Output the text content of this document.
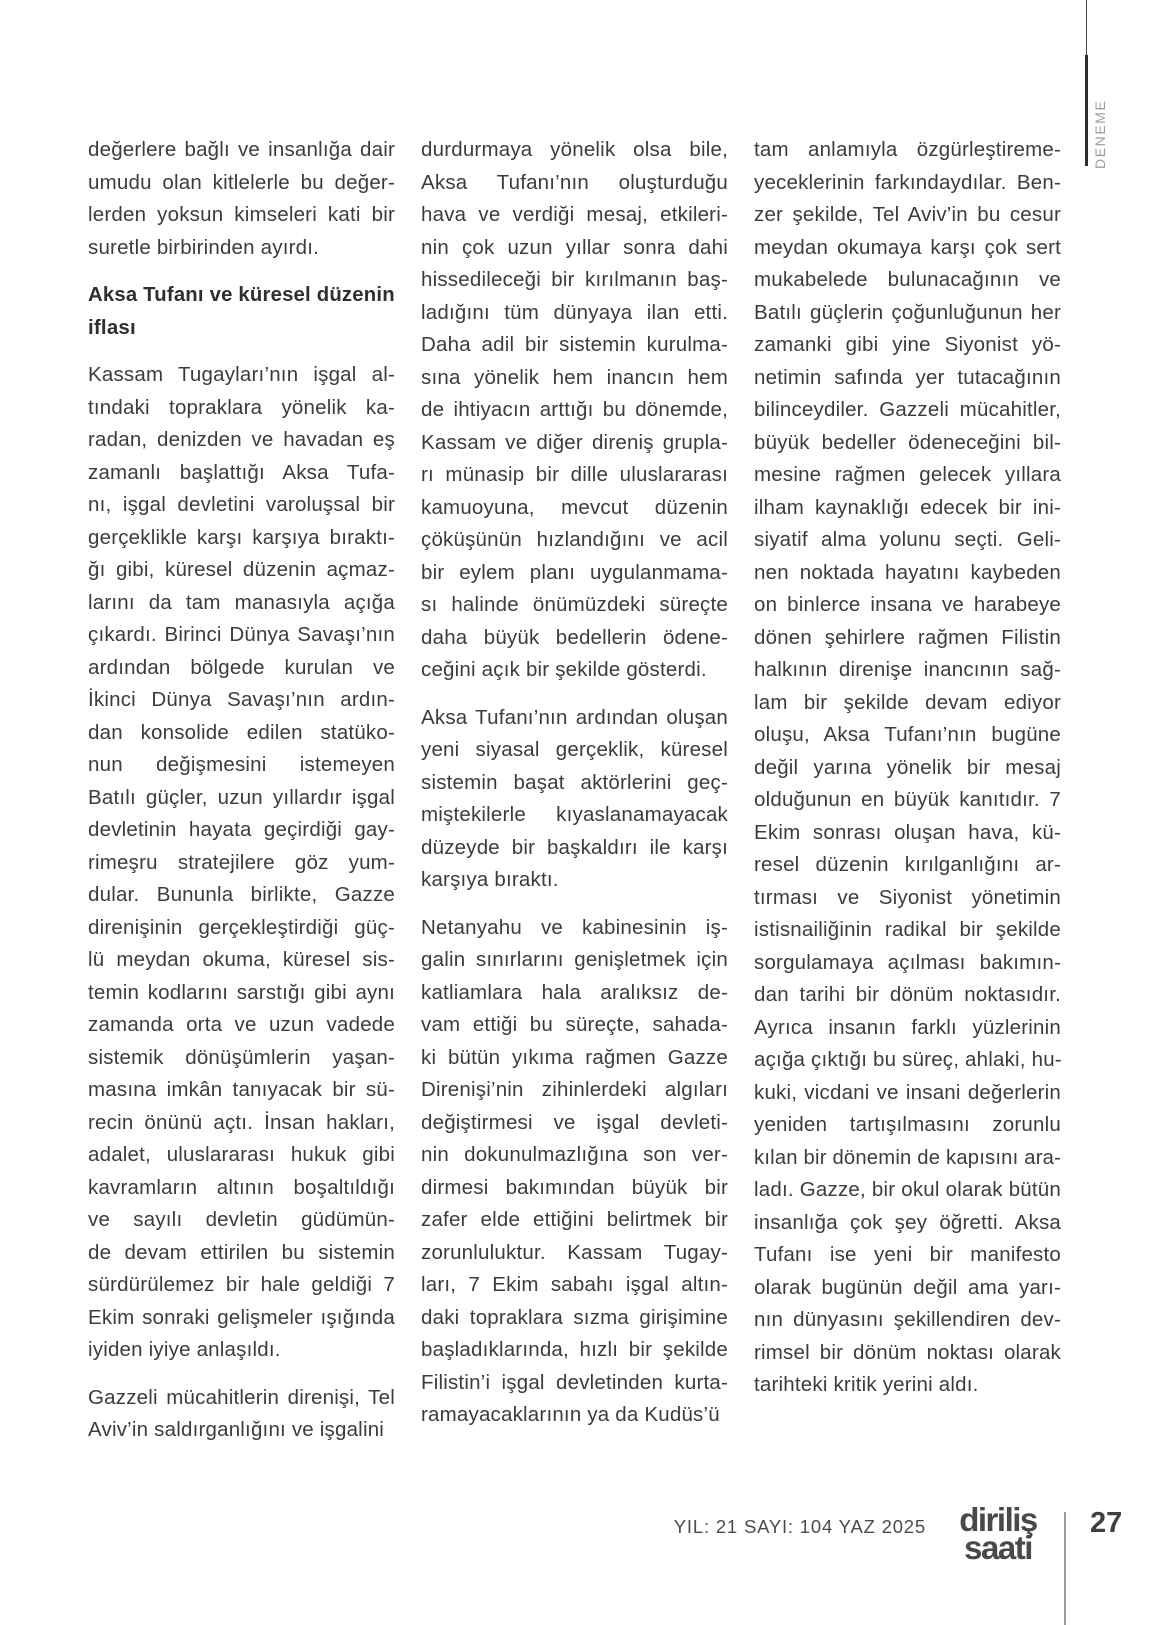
DENEME
değerlere bağlı ve insanlığa dair
umudu olan kitlelerle bu değer-
lerden yoksun kimseleri kati bir
suretle birbirinden ayırdı.
Aksa Tufanı ve küresel düzenin
iflası
Kassam Tugayları’nın işgal al-
tındaki topraklara yönelik ka-
radan, denizden ve havadan eş
zamanlı başlattığı Aksa Tufa-
nı, işgal devletini varoluşsal bir
gerçeklikle karşı karşıya bıraktı-
ğı gibi, küresel düzenin açmaz-
larını da tam manasıyla açığa
çıkardı. Birinci Dünya Savaşı’nın
ardından bölgede kurulan ve
İkinci Dünya Savaşı’nın ardın-
dan konsolide edilen statüko-
nun değişmesini istemeyen
Batılı güçler, uzun yıllardır işgal
devletinin hayata geçirdiği gay-
rimeşru stratejilere göz yum-
dular. Bununla birlikte, Gazze
direnişinin gerçekleştirdiği güç-
lü meydan okuma, küresel sis-
temin kodlarını sarstığı gibi aynı
zamanda orta ve uzun vadede
sistemik dönüşümlerin yaşan-
masına imkân tanıyacak bir sü-
recin önünü açtı. İnsan hakları,
adalet, uluslararası hukuk gibi
kavramların altının boşaltıldığı
ve sayılı devletin güdümün-
de devam ettirilen bu sistemin
sürdürülemez bir hale geldiği 7
Ekim sonraki gelişmeler ışığında
iyiden iyiye anlaşıldı.
Gazzeli mücahitlerin direnişi, Tel
Aviv’in saldırganlığını ve işgalini
durdurmaya yönelik olsa bile,
Aksa Tufanı’nın oluşturduğu
hava ve verdiği mesaj, etkileri-
nin çok uzun yıllar sonra dahi
hissedileceği bir kırılmanın baş-
ladığını tüm dünyaya ilan etti.
Daha adil bir sistemin kurulma-
sına yönelik hem inancın hem
de ihtiyacın arttığı bu dönemde,
Kassam ve diğer direniş grupla-
rı münasip bir dille uluslararası
kamuoyuna, mevcut düzenin
çöküşünün hızlandığını ve acil
bir eylem planı uygulanmama-
sı halinde önümüzdeki süreçte
daha büyük bedellerin ödene-
ceğini açık bir şekilde gösterdi.
Aksa Tufanı’nın ardından oluşan
yeni siyasal gerçeklik, küresel
sistemin başat aktörlerini geç-
miştekilerle kıyaslanamayacak
düzeyde bir başkaldırı ile karşı
karşıya bıraktı.
Netanyahu ve kabinesinin iş-
galin sınırlarını genişletmek için
katliamlara hala aralıksız de-
vam ettiği bu süreçte, sahada-
ki bütün yıkıma rağmen Gazze
Direnişi’nin zihinlerdeki algıları
değiştirmesi ve işgal devleti-
nin dokunulmazlığına son ver-
dirmesi bakımından büyük bir
zafer elde ettiğini belirtmek bir
zorunluluktur. Kassam Tugay-
ları, 7 Ekim sabahı işgal altın-
daki topraklara sızma girişimine
başladıklarında, hızlı bir şekilde
Filistin’i işgal devletinden kurta-
ramayacaklarının ya da Kudüs’ü
tam anlamıyla özgürleştireme-
yeceklerinin farkındaydılar. Ben-
zer şekilde, Tel Aviv’in bu cesur
meydan okumaya karşı çok sert
mukabelede bulunacağının ve
Batılı güçlerin çoğunluğunun her
zamanki gibi yine Siyonist yö-
netimin safında yer tutacağının
bilinceydiler. Gazzeli mücahitler,
büyük bedeller ödeneceğini bil-
mesine rağmen gelecek yıllara
ilham kaynaklığı edecek bir ini-
siyatif alma yolunu seçti. Geli-
nen noktada hayatını kaybeden
on binlerce insana ve harabeye
dönen şehirlere rağmen Filistin
halkının direnişe inancının sağ-
lam bir şekilde devam ediyor
oluşu, Aksa Tufanı’nın bugüne
değil yarına yönelik bir mesaj
olduğunun en büyük kanıtıdır. 7
Ekim sonrası oluşan hava, kü-
resel düzenin kırılganlığını ar-
tırması ve Siyonist yönetimin
istisnailiğinin radikal bir şekilde
sorgulamaya açılması bakımın-
dan tarihi bir dönüm noktasıdır.
Ayrıca insanın farklı yüzlerinin
açığa çıktığı bu süreç, ahlaki, hu-
kuki, vicdani ve insani değerlerin
yeniden tartışılmasını zorunlu
kılan bir dönemin de kapısını ara-
ladı. Gazze, bir okul olarak bütün
insanlığa çok şey öğretti. Aksa
Tufanı ise yeni bir manifesto
olarak bugünün değil ama yarı-
nın dünyasını şekillendiren dev-
rimsel bir dönüm noktası olarak
tarihteki kritik yerini aldı.
YIL: 21 SAYI: 104 YAZ 2025	diriliş
saati
27
